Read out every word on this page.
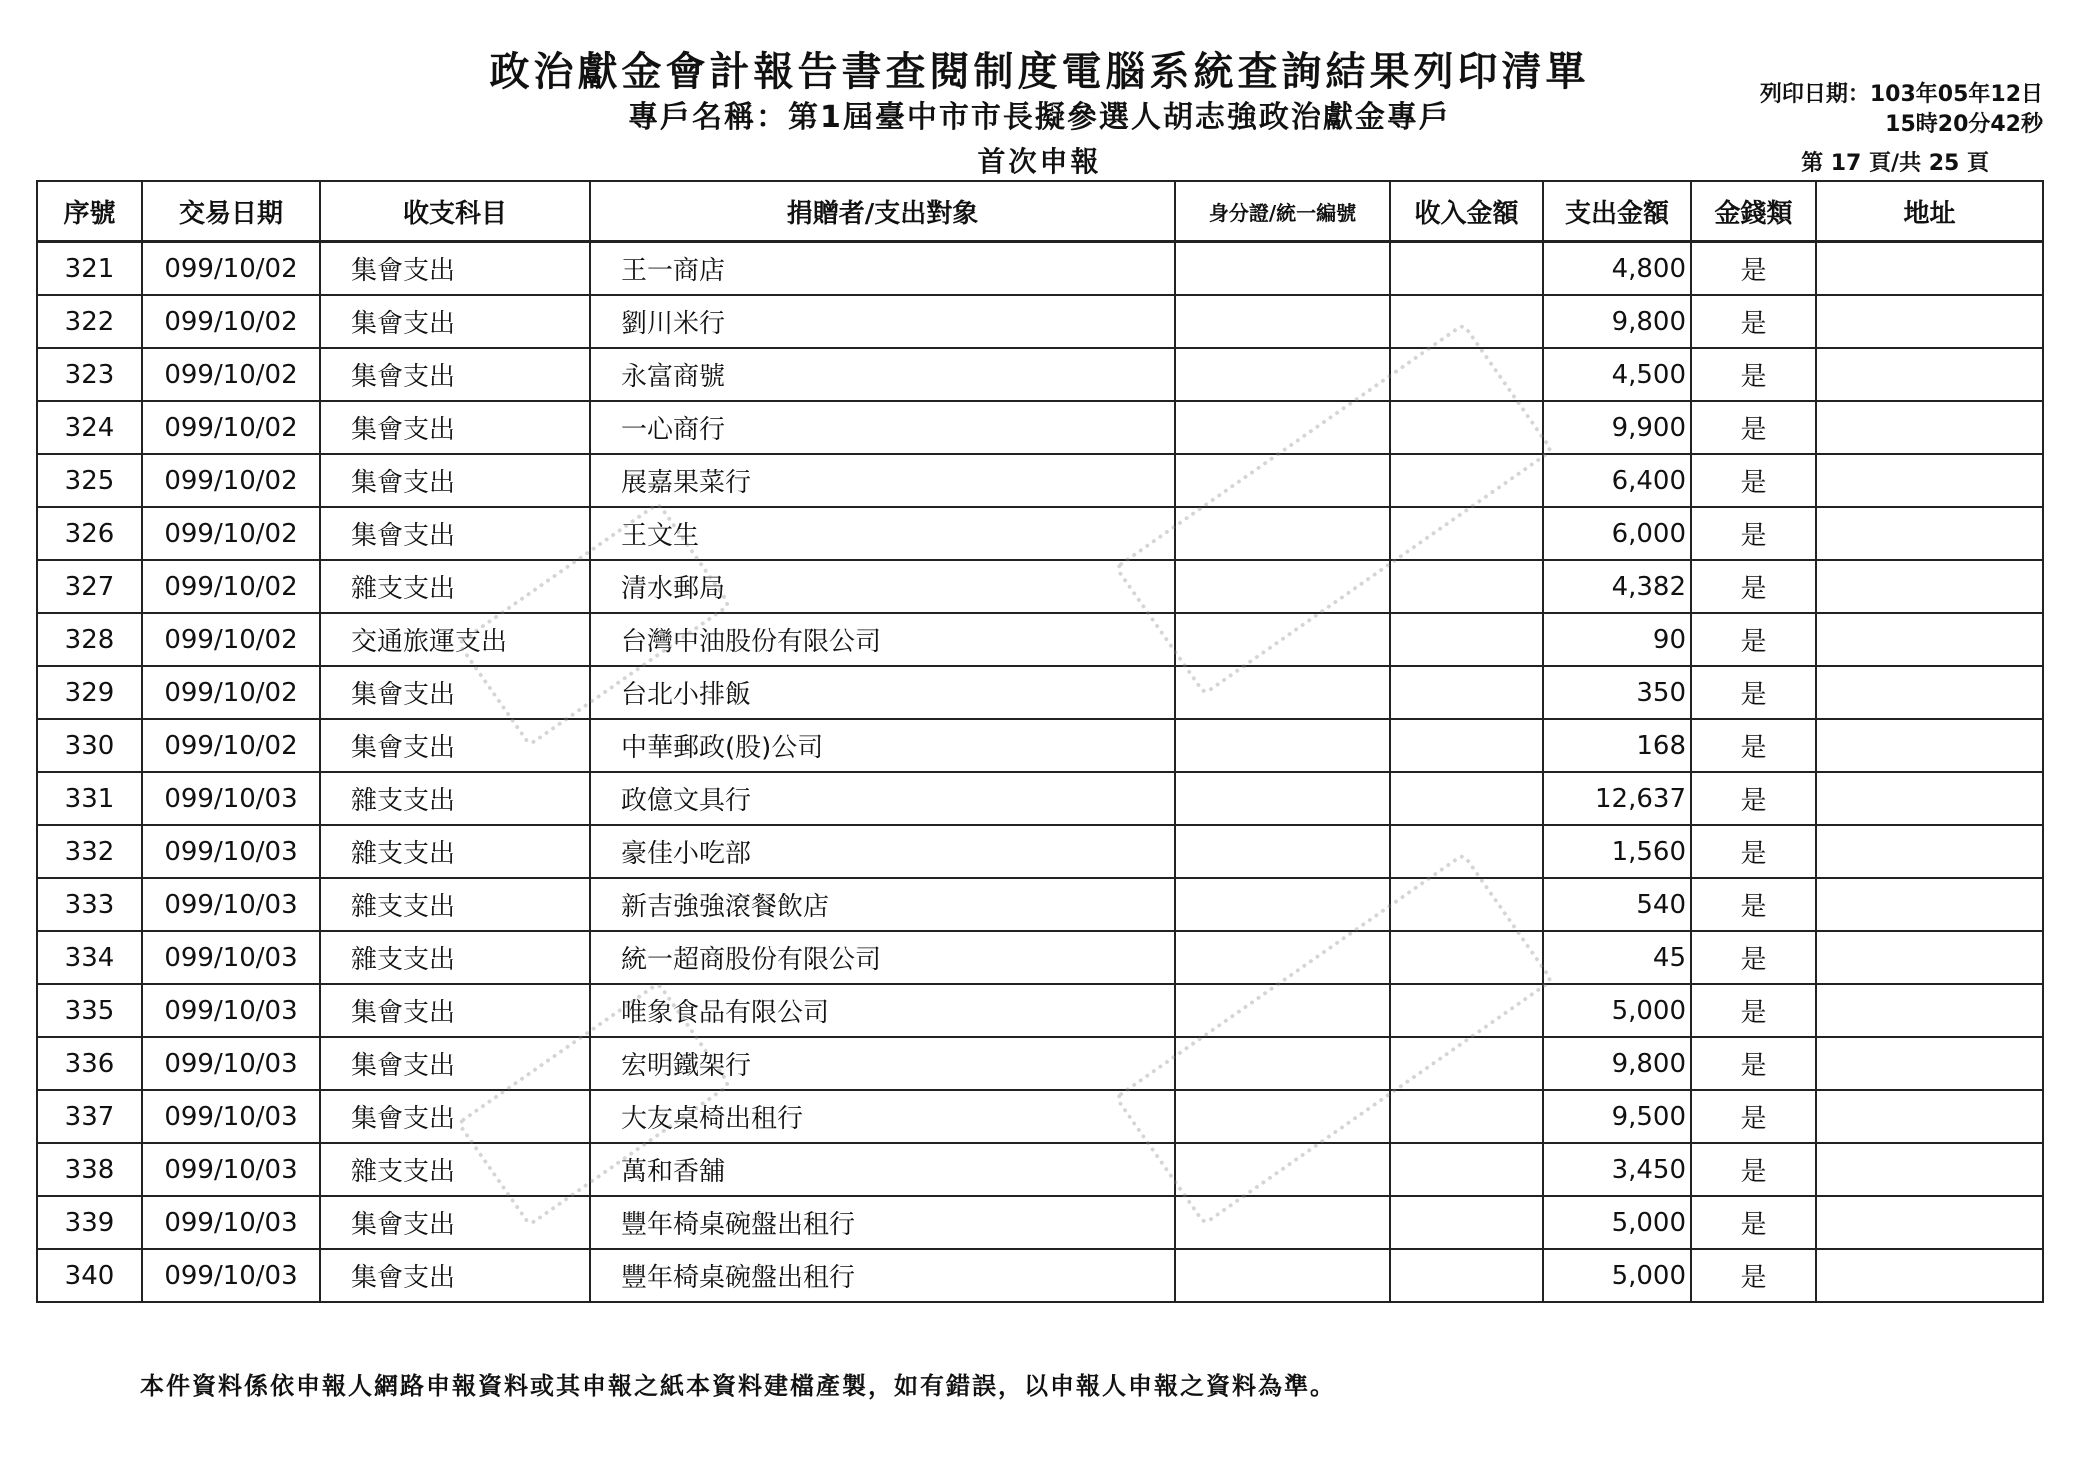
政治獻金會計報告書查閱制度電腦系統查詢結果列印清單
專戶名稱：第1屆臺中市市長擬參選人胡志強政治獻金專戶
首次申報
列印日期：103年05年12日
15時20分42秒
第 17 頁/共 25 頁
序號	交易日期	收支科目	捐贈者/支出對象	身分證/統一編號	收入金額	支出金額	金錢類	地址
321	099/10/02	集會支出	王一商店			4,800	是	
322	099/10/02	集會支出	劉川米行			9,800	是	
323	099/10/02	集會支出	永富商號			4,500	是	
324	099/10/02	集會支出	一心商行			9,900	是	
325	099/10/02	集會支出	展嘉果菜行			6,400	是	
326	099/10/02	集會支出	王文生			6,000	是	
327	099/10/02	雜支支出	清水郵局			4,382	是	
328	099/10/02	交通旅運支出	台灣中油股份有限公司			90	是	
329	099/10/02	集會支出	台北小排飯			350	是	
330	099/10/02	集會支出	中華郵政(股)公司			168	是	
331	099/10/03	雜支支出	政億文具行			12,637	是	
332	099/10/03	雜支支出	豪佳小吃部			1,560	是	
333	099/10/03	雜支支出	新吉強強滾餐飲店			540	是	
334	099/10/03	雜支支出	統一超商股份有限公司			45	是	
335	099/10/03	集會支出	唯象食品有限公司			5,000	是	
336	099/10/03	集會支出	宏明鐵架行			9,800	是	
337	099/10/03	集會支出	大友桌椅出租行			9,500	是	
338	099/10/03	雜支支出	萬和香舖			3,450	是	
339	099/10/03	集會支出	豐年椅桌碗盤出租行			5,000	是	
340	099/10/03	集會支出	豐年椅桌碗盤出租行			5,000	是	
本件資料係依申報人網路申報資料或其申報之紙本資料建檔產製，如有錯誤，以申報人申報之資料為準。
